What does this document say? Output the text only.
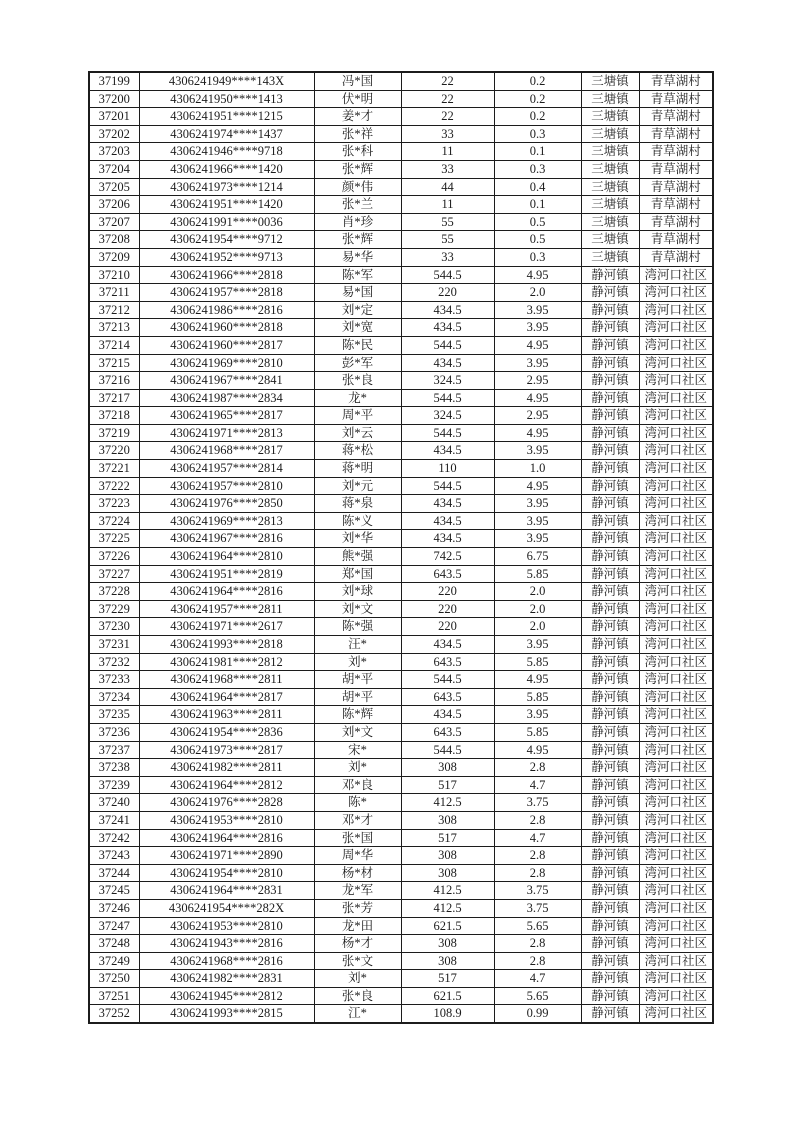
37199	4306241949****143X	冯*国	22	0.2	三塘镇	青草湖村
37200	4306241950****1413	伏*明	22	0.2	三塘镇	青草湖村
37201	4306241951****1215	姜*才	22	0.2	三塘镇	青草湖村
37202	4306241974****1437	张*祥	33	0.3	三塘镇	青草湖村
37203	4306241946****9718	张*科	11	0.1	三塘镇	青草湖村
37204	4306241966****1420	张*辉	33	0.3	三塘镇	青草湖村
37205	4306241973****1214	颜*伟	44	0.4	三塘镇	青草湖村
37206	4306241951****1420	张*兰	11	0.1	三塘镇	青草湖村
37207	4306241991****0036	肖*珍	55	0.5	三塘镇	青草湖村
37208	4306241954****9712	张*辉	55	0.5	三塘镇	青草湖村
37209	4306241952****9713	易*华	33	0.3	三塘镇	青草湖村
37210	4306241966****2818	陈*军	544.5	4.95	静河镇	湾河口社区
37211	4306241957****2818	易*国	220	2.0	静河镇	湾河口社区
37212	4306241986****2816	刘*定	434.5	3.95	静河镇	湾河口社区
37213	4306241960****2818	刘*宽	434.5	3.95	静河镇	湾河口社区
37214	4306241960****2817	陈*民	544.5	4.95	静河镇	湾河口社区
37215	4306241969****2810	彭*军	434.5	3.95	静河镇	湾河口社区
37216	4306241967****2841	张*良	324.5	2.95	静河镇	湾河口社区
37217	4306241987****2834	龙*	544.5	4.95	静河镇	湾河口社区
37218	4306241965****2817	周*平	324.5	2.95	静河镇	湾河口社区
37219	4306241971****2813	刘*云	544.5	4.95	静河镇	湾河口社区
37220	4306241968****2817	蒋*松	434.5	3.95	静河镇	湾河口社区
37221	4306241957****2814	蒋*明	110	1.0	静河镇	湾河口社区
37222	4306241957****2810	刘*元	544.5	4.95	静河镇	湾河口社区
37223	4306241976****2850	蒋*泉	434.5	3.95	静河镇	湾河口社区
37224	4306241969****2813	陈*义	434.5	3.95	静河镇	湾河口社区
37225	4306241967****2816	刘*华	434.5	3.95	静河镇	湾河口社区
37226	4306241964****2810	熊*强	742.5	6.75	静河镇	湾河口社区
37227	4306241951****2819	郑*国	643.5	5.85	静河镇	湾河口社区
37228	4306241964****2816	刘*球	220	2.0	静河镇	湾河口社区
37229	4306241957****2811	刘*文	220	2.0	静河镇	湾河口社区
37230	4306241971****2617	陈*强	220	2.0	静河镇	湾河口社区
37231	4306241993****2818	汪*	434.5	3.95	静河镇	湾河口社区
37232	4306241981****2812	刘*	643.5	5.85	静河镇	湾河口社区
37233	4306241968****2811	胡*平	544.5	4.95	静河镇	湾河口社区
37234	4306241964****2817	胡*平	643.5	5.85	静河镇	湾河口社区
37235	4306241963****2811	陈*辉	434.5	3.95	静河镇	湾河口社区
37236	4306241954****2836	刘*文	643.5	5.85	静河镇	湾河口社区
37237	4306241973****2817	宋*	544.5	4.95	静河镇	湾河口社区
37238	4306241982****2811	刘*	308	2.8	静河镇	湾河口社区
37239	4306241964****2812	邓*良	517	4.7	静河镇	湾河口社区
37240	4306241976****2828	陈*	412.5	3.75	静河镇	湾河口社区
37241	4306241953****2810	邓*才	308	2.8	静河镇	湾河口社区
37242	4306241964****2816	张*国	517	4.7	静河镇	湾河口社区
37243	4306241971****2890	周*华	308	2.8	静河镇	湾河口社区
37244	4306241954****2810	杨*材	308	2.8	静河镇	湾河口社区
37245	4306241964****2831	龙*军	412.5	3.75	静河镇	湾河口社区
37246	4306241954****282X	张*芳	412.5	3.75	静河镇	湾河口社区
37247	4306241953****2810	龙*田	621.5	5.65	静河镇	湾河口社区
37248	4306241943****2816	杨*才	308	2.8	静河镇	湾河口社区
37249	4306241968****2816	张*文	308	2.8	静河镇	湾河口社区
37250	4306241982****2831	刘*	517	4.7	静河镇	湾河口社区
37251	4306241945****2812	张*良	621.5	5.65	静河镇	湾河口社区
37252	4306241993****2815	江*	108.9	0.99	静河镇	湾河口社区
